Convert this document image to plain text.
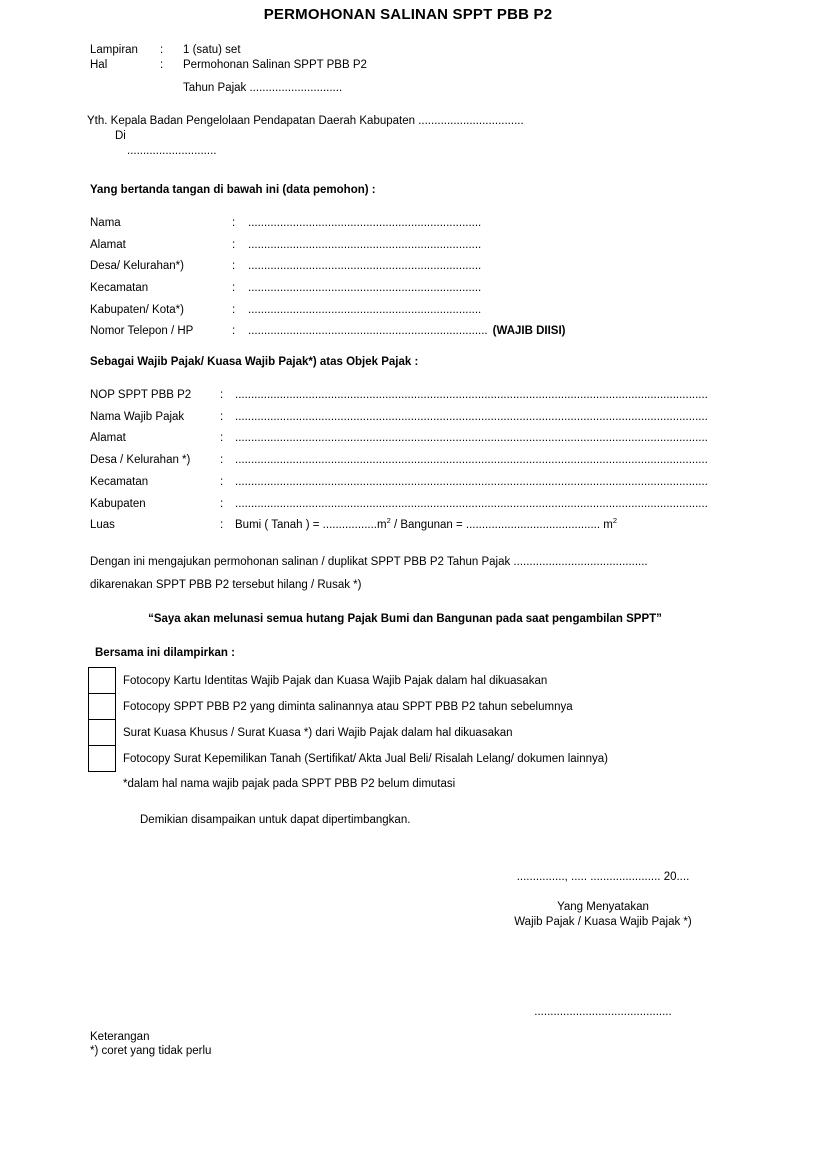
PERMOHONAN SALINAN SPPT PBB P2
Lampiran	:	1 (satu) set
Hal	:	Permohonan Salinan SPPT PBB P2
Tahun Pajak .............................
Yth. Kepala Badan Pengelolaan Pendapatan Daerah Kabupaten .................................
Di
............................
Yang bertanda tangan di bawah ini (data pemohon) :
Nama	:	.........................................................................
Alamat	:	.........................................................................
Desa/ Kelurahan*)	:	.........................................................................
Kecamatan	:	.........................................................................
Kabupaten/ Kota*)	:	.........................................................................
Nomor Telepon / HP	:	........................................................................... (WAJIB DIISI)
Sebagai Wajib Pajak/ Kuasa Wajib Pajak*) atas Objek Pajak :
NOP SPPT PBB P2	:	....................................................................................................................................................
Nama Wajib Pajak	:	....................................................................................................................................................
Alamat	:	....................................................................................................................................................
Desa / Kelurahan *)	:	....................................................................................................................................................
Kecamatan	:	....................................................................................................................................................
Kabupaten	:	....................................................................................................................................................
Luas	:	Bumi ( Tanah ) = $.................m^2$ / Bangunan = .......................................... $m^2$
Dengan ini mengajukan permohonan salinan / duplikat SPPT PBB P2 Tahun Pajak ..........................................
dikarenakan SPPT PBB P2 tersebut hilang / Rusak *)
“Saya akan melunasi semua hutang Pajak Bumi dan Bangunan pada saat pengambilan SPPT”
Bersama ini dilampirkan :
Fotocopy Kartu Identitas Wajib Pajak dan Kuasa Wajib Pajak dalam hal dikuasakan
Fotocopy SPPT PBB P2 yang diminta salinannya atau SPPT PBB P2 tahun sebelumnya
Surat Kuasa Khusus / Surat Kuasa *) dari Wajib Pajak dalam hal dikuasakan
Fotocopy Surat Kepemilikan Tanah (Sertifikat/ Akta Jual Beli/ Risalah Lelang/ dokumen lainnya)
*dalam hal nama wajib pajak pada SPPT PBB P2 belum dimutasi
Demikian disampaikan untuk dapat dipertimbangkan.
..............., ..... ...................... 20....
Yang Menyatakan
Wajib Pajak / Kuasa Wajib Pajak *)
...........................................
Keterangan
*) coret yang tidak perlu
